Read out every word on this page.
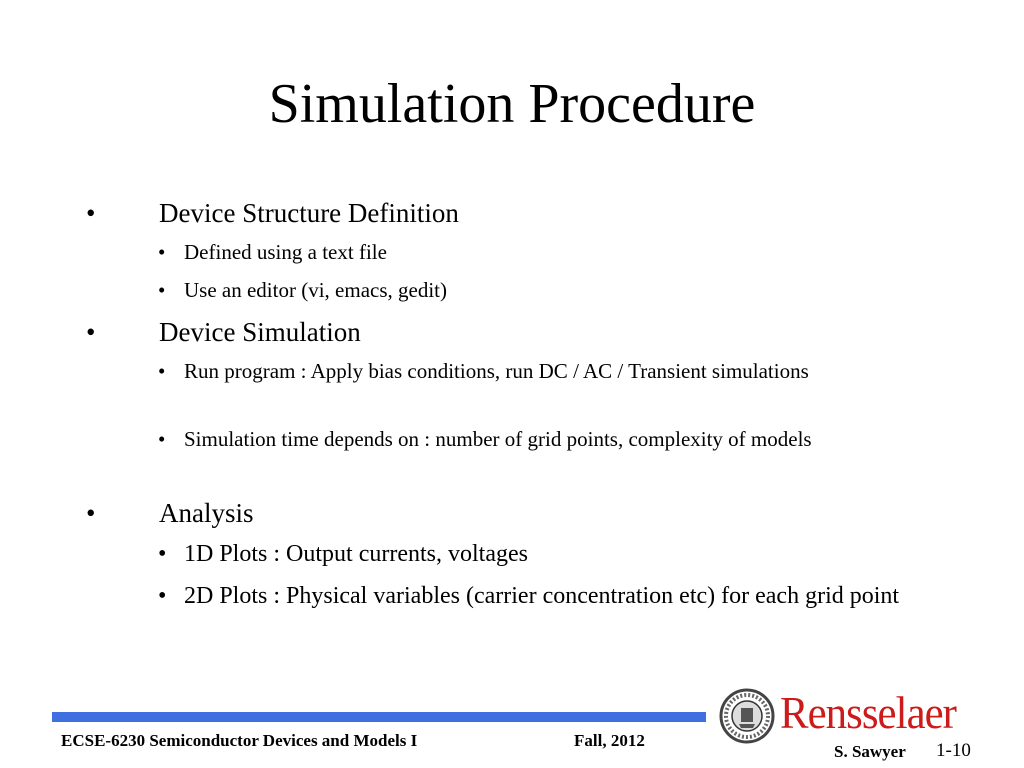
Simulation Procedure
• Device Structure Definition
• Defined using a text file
• Use an editor (vi, emacs, gedit)
• Device Simulation
• Run program : Apply bias conditions, run DC / AC / Transient simulations
• Simulation time depends on : number of grid points, complexity of models
• Analysis
• 1D Plots : Output currents, voltages
• 2D Plots : Physical variables (carrier concentration etc) for each grid point
ECSE-6230 Semiconductor Devices and Models I	Fall, 2012
Rensselaer
S. Sawyer 1-10
